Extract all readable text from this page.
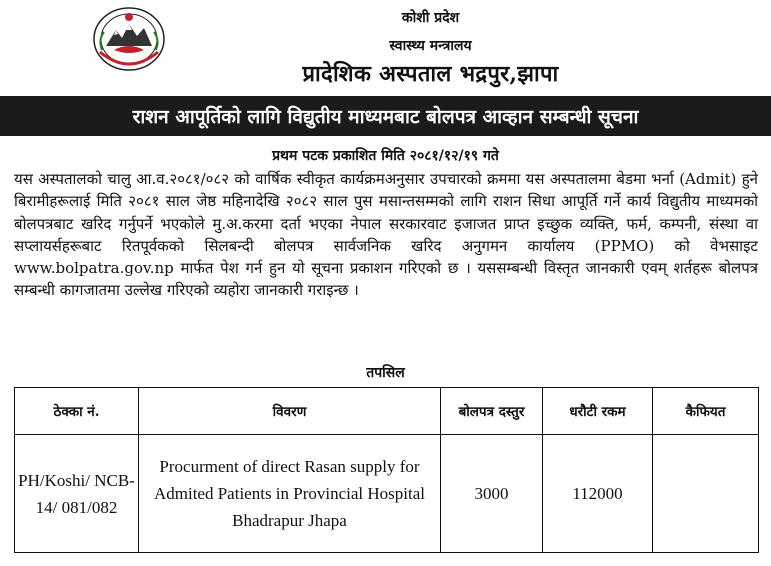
कोशी प्रदेश
स्वास्थ्य मन्त्रालय
प्रादेशिक अस्पताल भद्रपुर,झापा
राशन आपूर्तिको लागि विद्युतीय माध्यमबाट बोलपत्र आव्हान सम्बन्धी सूचना
प्रथम पटक प्रकाशित मिति २०८१/१२/१९ गते

यस अस्पतालको चालु आ.व.२०८१/०८२ को वार्षिक स्वीकृत कार्यक्रमअनुसार उपचारको क्रममा यस अस्पतालमा बेडमा भर्ना (Admit) हुने बिरामीहरूलाई मिति २०८१ साल जेष्ठ महिनादेखि २०८२ साल पुस मसान्तसम्मको लागि राशन सिधा आपूर्ति गर्ने कार्य विद्युतीय माध्यमको बोलपत्रबाट खरिद गर्नुपर्ने भएकोले मु.अ.करमा दर्ता भएका नेपाल सरकारवाट इजाजत प्राप्त इच्छुक व्यक्ति, फर्म, कम्पनी, संस्था वा सप्लायर्सहरूबाट रितपूर्वकको सिलबन्दी बोलपत्र सार्वजनिक खरिद अनुगमन कार्यालय (PPMO) को वेभसाइट www.bolpatra.gov.np मार्फत पेश गर्न हुन यो सूचना प्रकाशन गरिएको छ । यससम्बन्धी विस्तृत जानकारी एवम् शर्तहरू बोलपत्र सम्बन्धी कागजातमा उल्लेख गरिएको व्यहोरा जानकारी गराइन्छ ।

तपसिल
ठेक्का नं.	विवरण	बोलपत्र दस्तुर	धरौटी रकम	कैफियत
PH/Koshi/ NCB-14/ 081/082	Procurment of direct Rasan supply for Admited Patients in Provincial Hospital Bhadrapur Jhapa	3000	112000	
